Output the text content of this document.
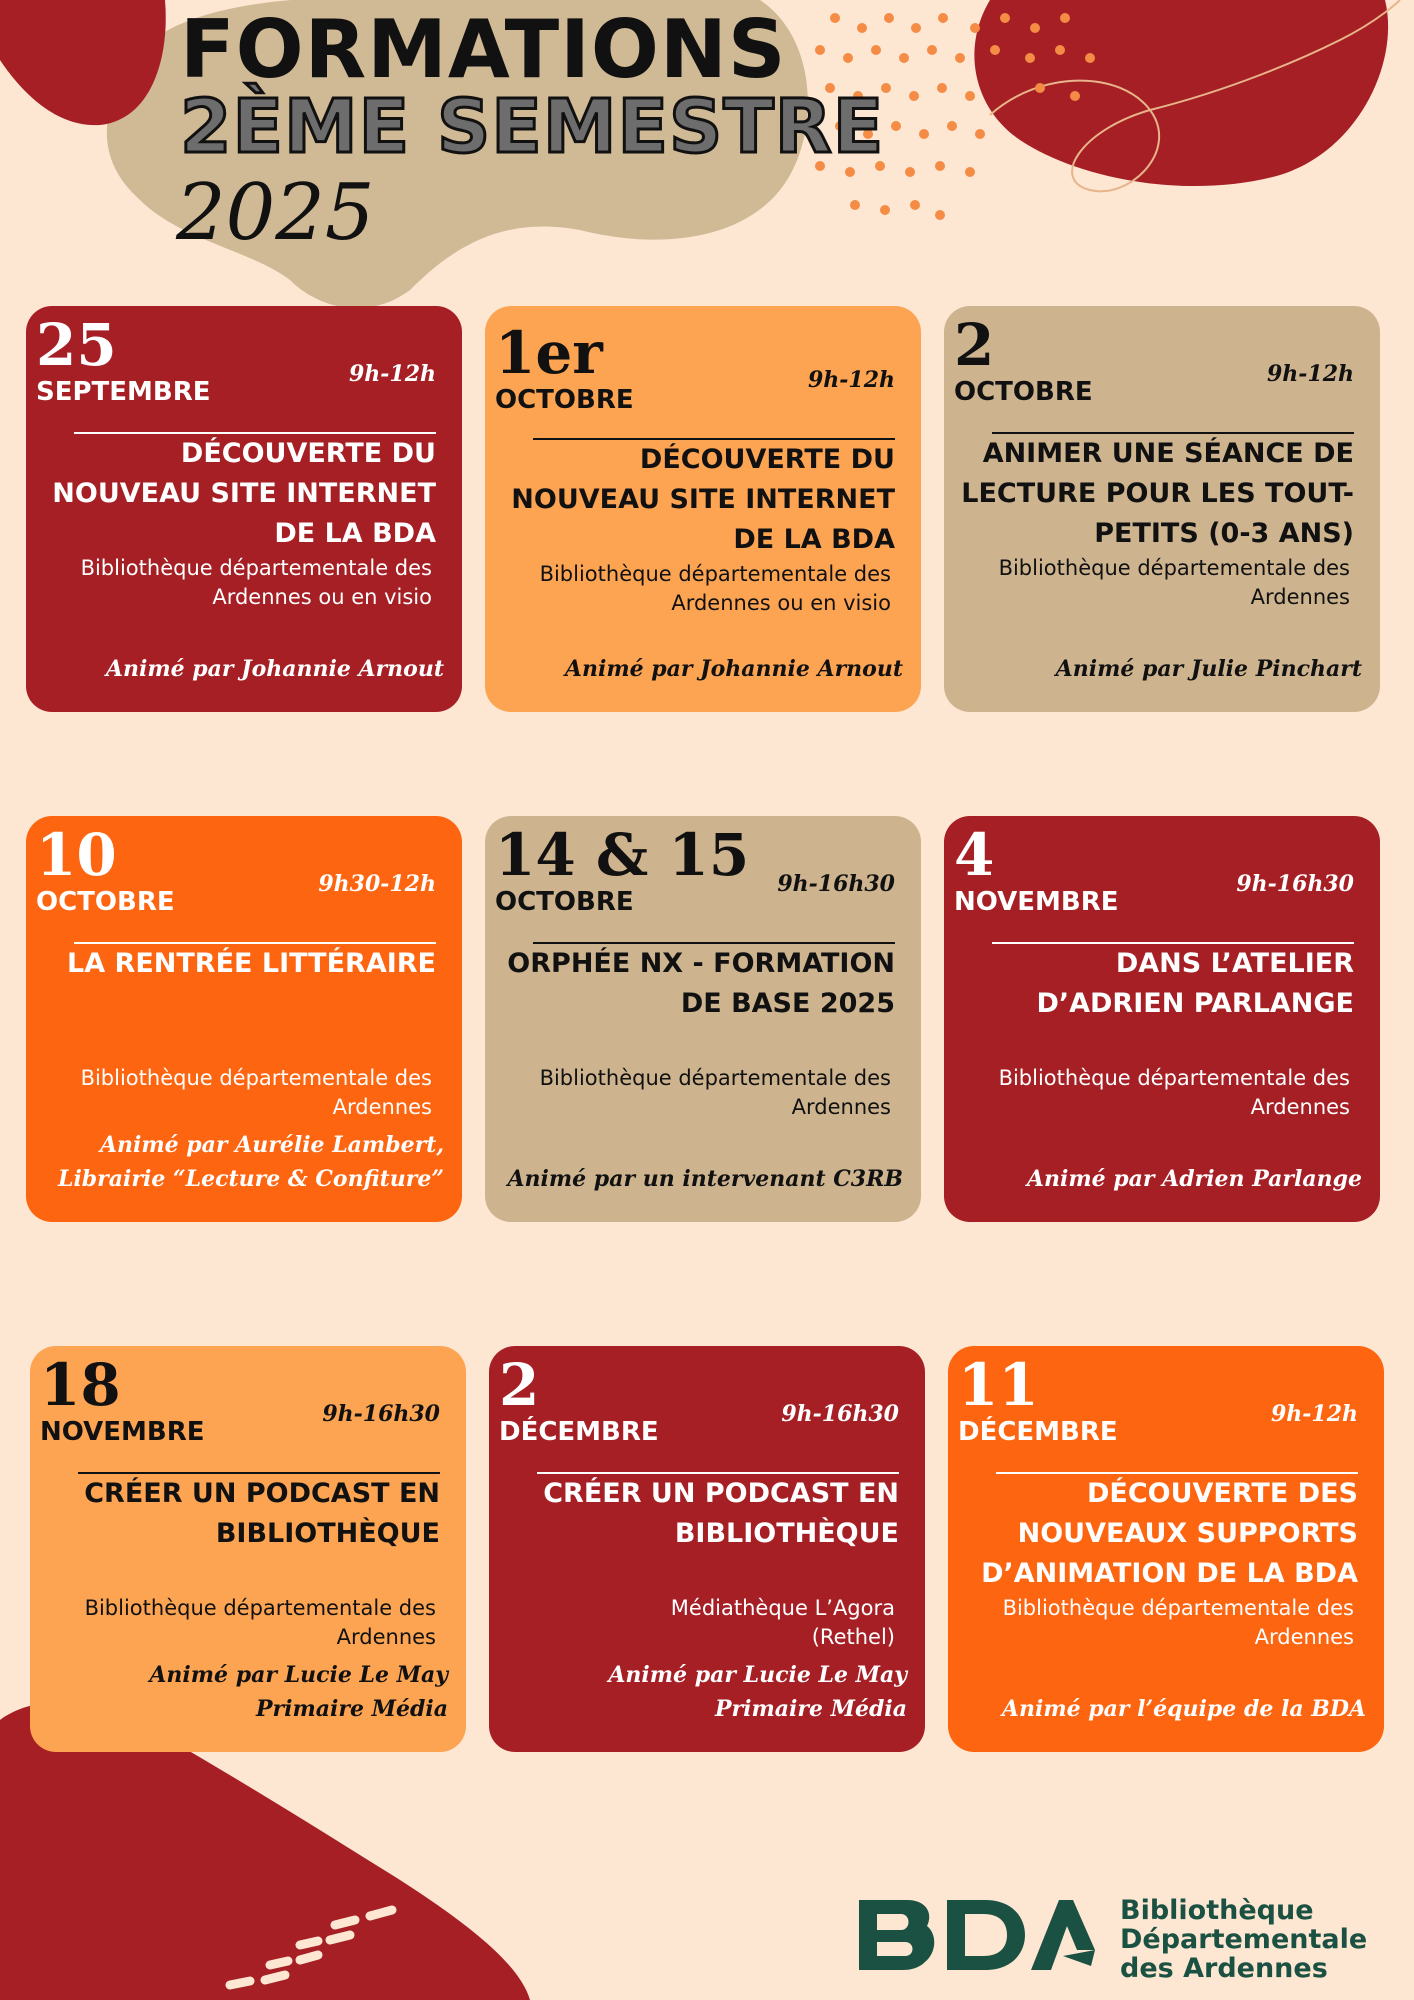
FORMATIONS
2ÈME SEMESTRE
2025
25
SEPTEMBRE
9h-12h
DÉCOUVERTE DU NOUVEAU SITE INTERNET DE LA BDA
Bibliothèque départementale des Ardennes ou en visio
Animé par Johannie Arnout
1er
OCTOBRE
9h-12h
DÉCOUVERTE DU NOUVEAU SITE INTERNET DE LA BDA
Bibliothèque départementale des Ardennes ou en visio
Animé par Johannie Arnout
2
OCTOBRE
9h-12h
ANIMER UNE SÉANCE DE LECTURE POUR LES TOUT-PETITS (0-3 ANS)
Bibliothèque départementale des Ardennes
Animé par Julie Pinchart
10
OCTOBRE
9h30-12h
LA RENTRÉE LITTÉRAIRE
Bibliothèque départementale des Ardennes
Animé par Aurélie Lambert, Librairie “Lecture & Confiture”
14 & 15
OCTOBRE
9h-16h30
ORPHÉE NX - FORMATION DE BASE 2025
Bibliothèque départementale des Ardennes
Animé par un intervenant C3RB
4
NOVEMBRE
9h-16h30
DANS L’ATELIER D’ADRIEN PARLANGE
Bibliothèque départementale des Ardennes
Animé par Adrien Parlange
18
NOVEMBRE
9h-16h30
CRÉER UN PODCAST EN BIBLIOTHÈQUE
Bibliothèque départementale des Ardennes
Animé par Lucie Le May Primaire Média
2
DÉCEMBRE
9h-16h30
CRÉER UN PODCAST EN BIBLIOTHÈQUE
Médiathèque L’Agora (Rethel)
Animé par Lucie Le May Primaire Média
11
DÉCEMBRE
9h-12h
DÉCOUVERTE DES NOUVEAUX SUPPORTS D’ANIMATION DE LA BDA
Bibliothèque départementale des Ardennes
Animé par l’équipe de la BDA
BDA
Bibliothèque
Départementale
des Ardennes
